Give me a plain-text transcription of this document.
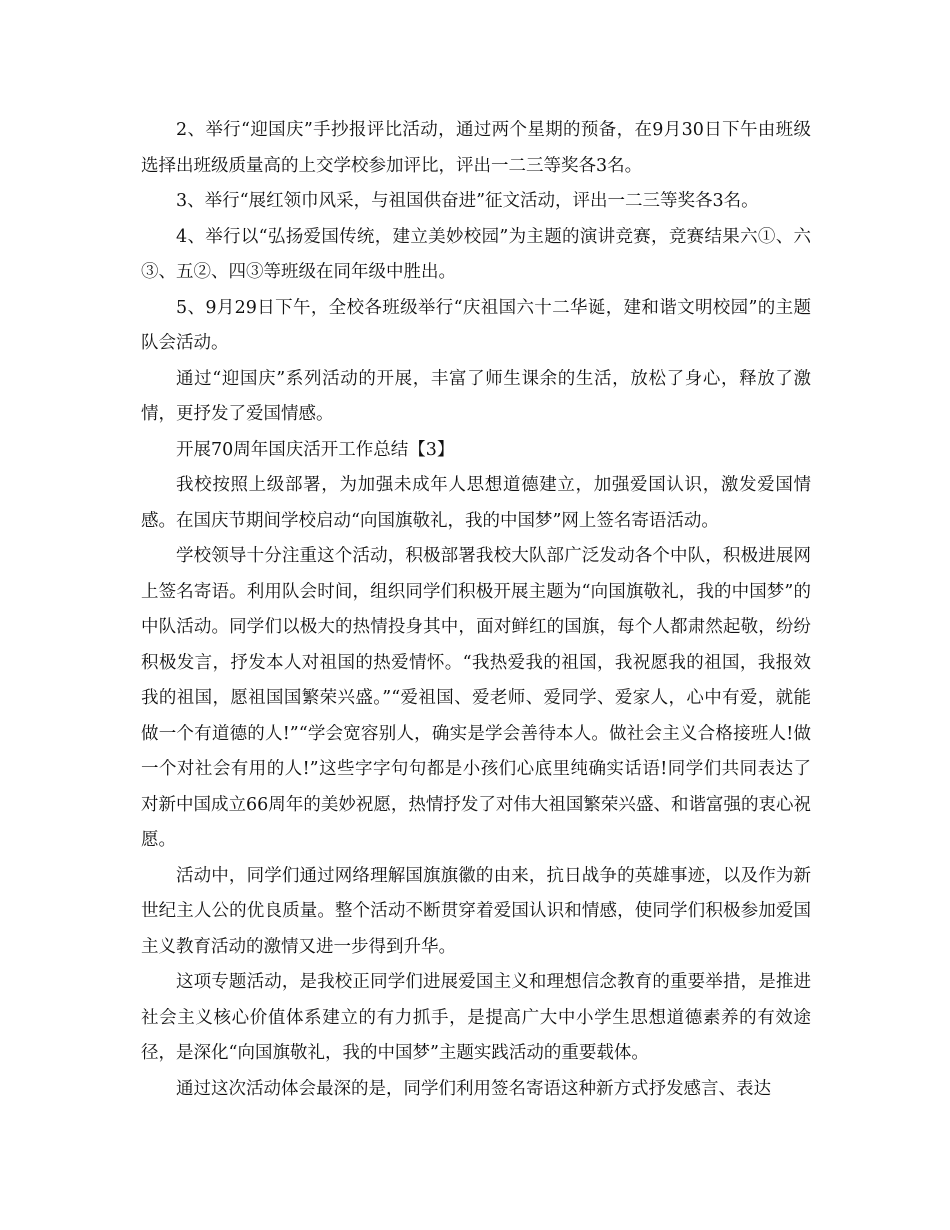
2、举行“迎国庆”手抄报评比活动，通过两个星期的预备，在9月30日下午由班级选择出班级质量高的上交学校参加评比，评出一二三等奖各3名。

3、举行“展红领巾风采，与祖国供奋进”征文活动，评出一二三等奖各3名。

4、举行以“弘扬爱国传统，建立美妙校园”为主题的演讲竞赛，竞赛结果六①、六③、五②、四③等班级在同年级中胜出。

5、9月29日下午，全校各班级举行“庆祖国六十二华诞，建和谐文明校园”的主题队会活动。

通过“迎国庆”系列活动的开展，丰富了师生课余的生活，放松了身心，释放了激情，更抒发了爱国情感。

开展70周年国庆活开工作总结【3】

我校按照上级部署，为加强未成年人思想道德建立，加强爱国认识，激发爱国情感。在国庆节期间学校启动“向国旗敬礼，我的中国梦”网上签名寄语活动。

学校领导十分注重这个活动，积极部署我校大队部广泛发动各个中队，积极进展网上签名寄语。利用队会时间，组织同学们积极开展主题为“向国旗敬礼，我的中国梦”的中队活动。同学们以极大的热情投身其中，面对鲜红的国旗，每个人都肃然起敬，纷纷积极发言，抒发本人对祖国的热爱情怀。“我热爱我的祖国，我祝愿我的祖国，我报效我的祖国，愿祖国国繁荣兴盛。”“爱祖国、爱老师、爱同学、爱家人，心中有爱，就能做一个有道德的人!”“学会宽容别人，确实是学会善待本人。做社会主义合格接班人!做一个对社会有用的人!”这些字字句句都是小孩们心底里纯确实话语!同学们共同表达了对新中国成立66周年的美妙祝愿，热情抒发了对伟大祖国繁荣兴盛、和谐富强的衷心祝愿。

活动中，同学们通过网络理解国旗旗徽的由来，抗日战争的英雄事迹，以及作为新世纪主人公的优良质量。整个活动不断贯穿着爱国认识和情感，使同学们积极参加爱国主义教育活动的激情又进一步得到升华。

这项专题活动，是我校正同学们进展爱国主义和理想信念教育的重要举措，是推进社会主义核心价值体系建立的有力抓手，是提高广大中小学生思想道德素养的有效途径，是深化“向国旗敬礼，我的中国梦”主题实践活动的重要载体。

通过这次活动体会最深的是，同学们利用签名寄语这种新方式抒发感言、表达
